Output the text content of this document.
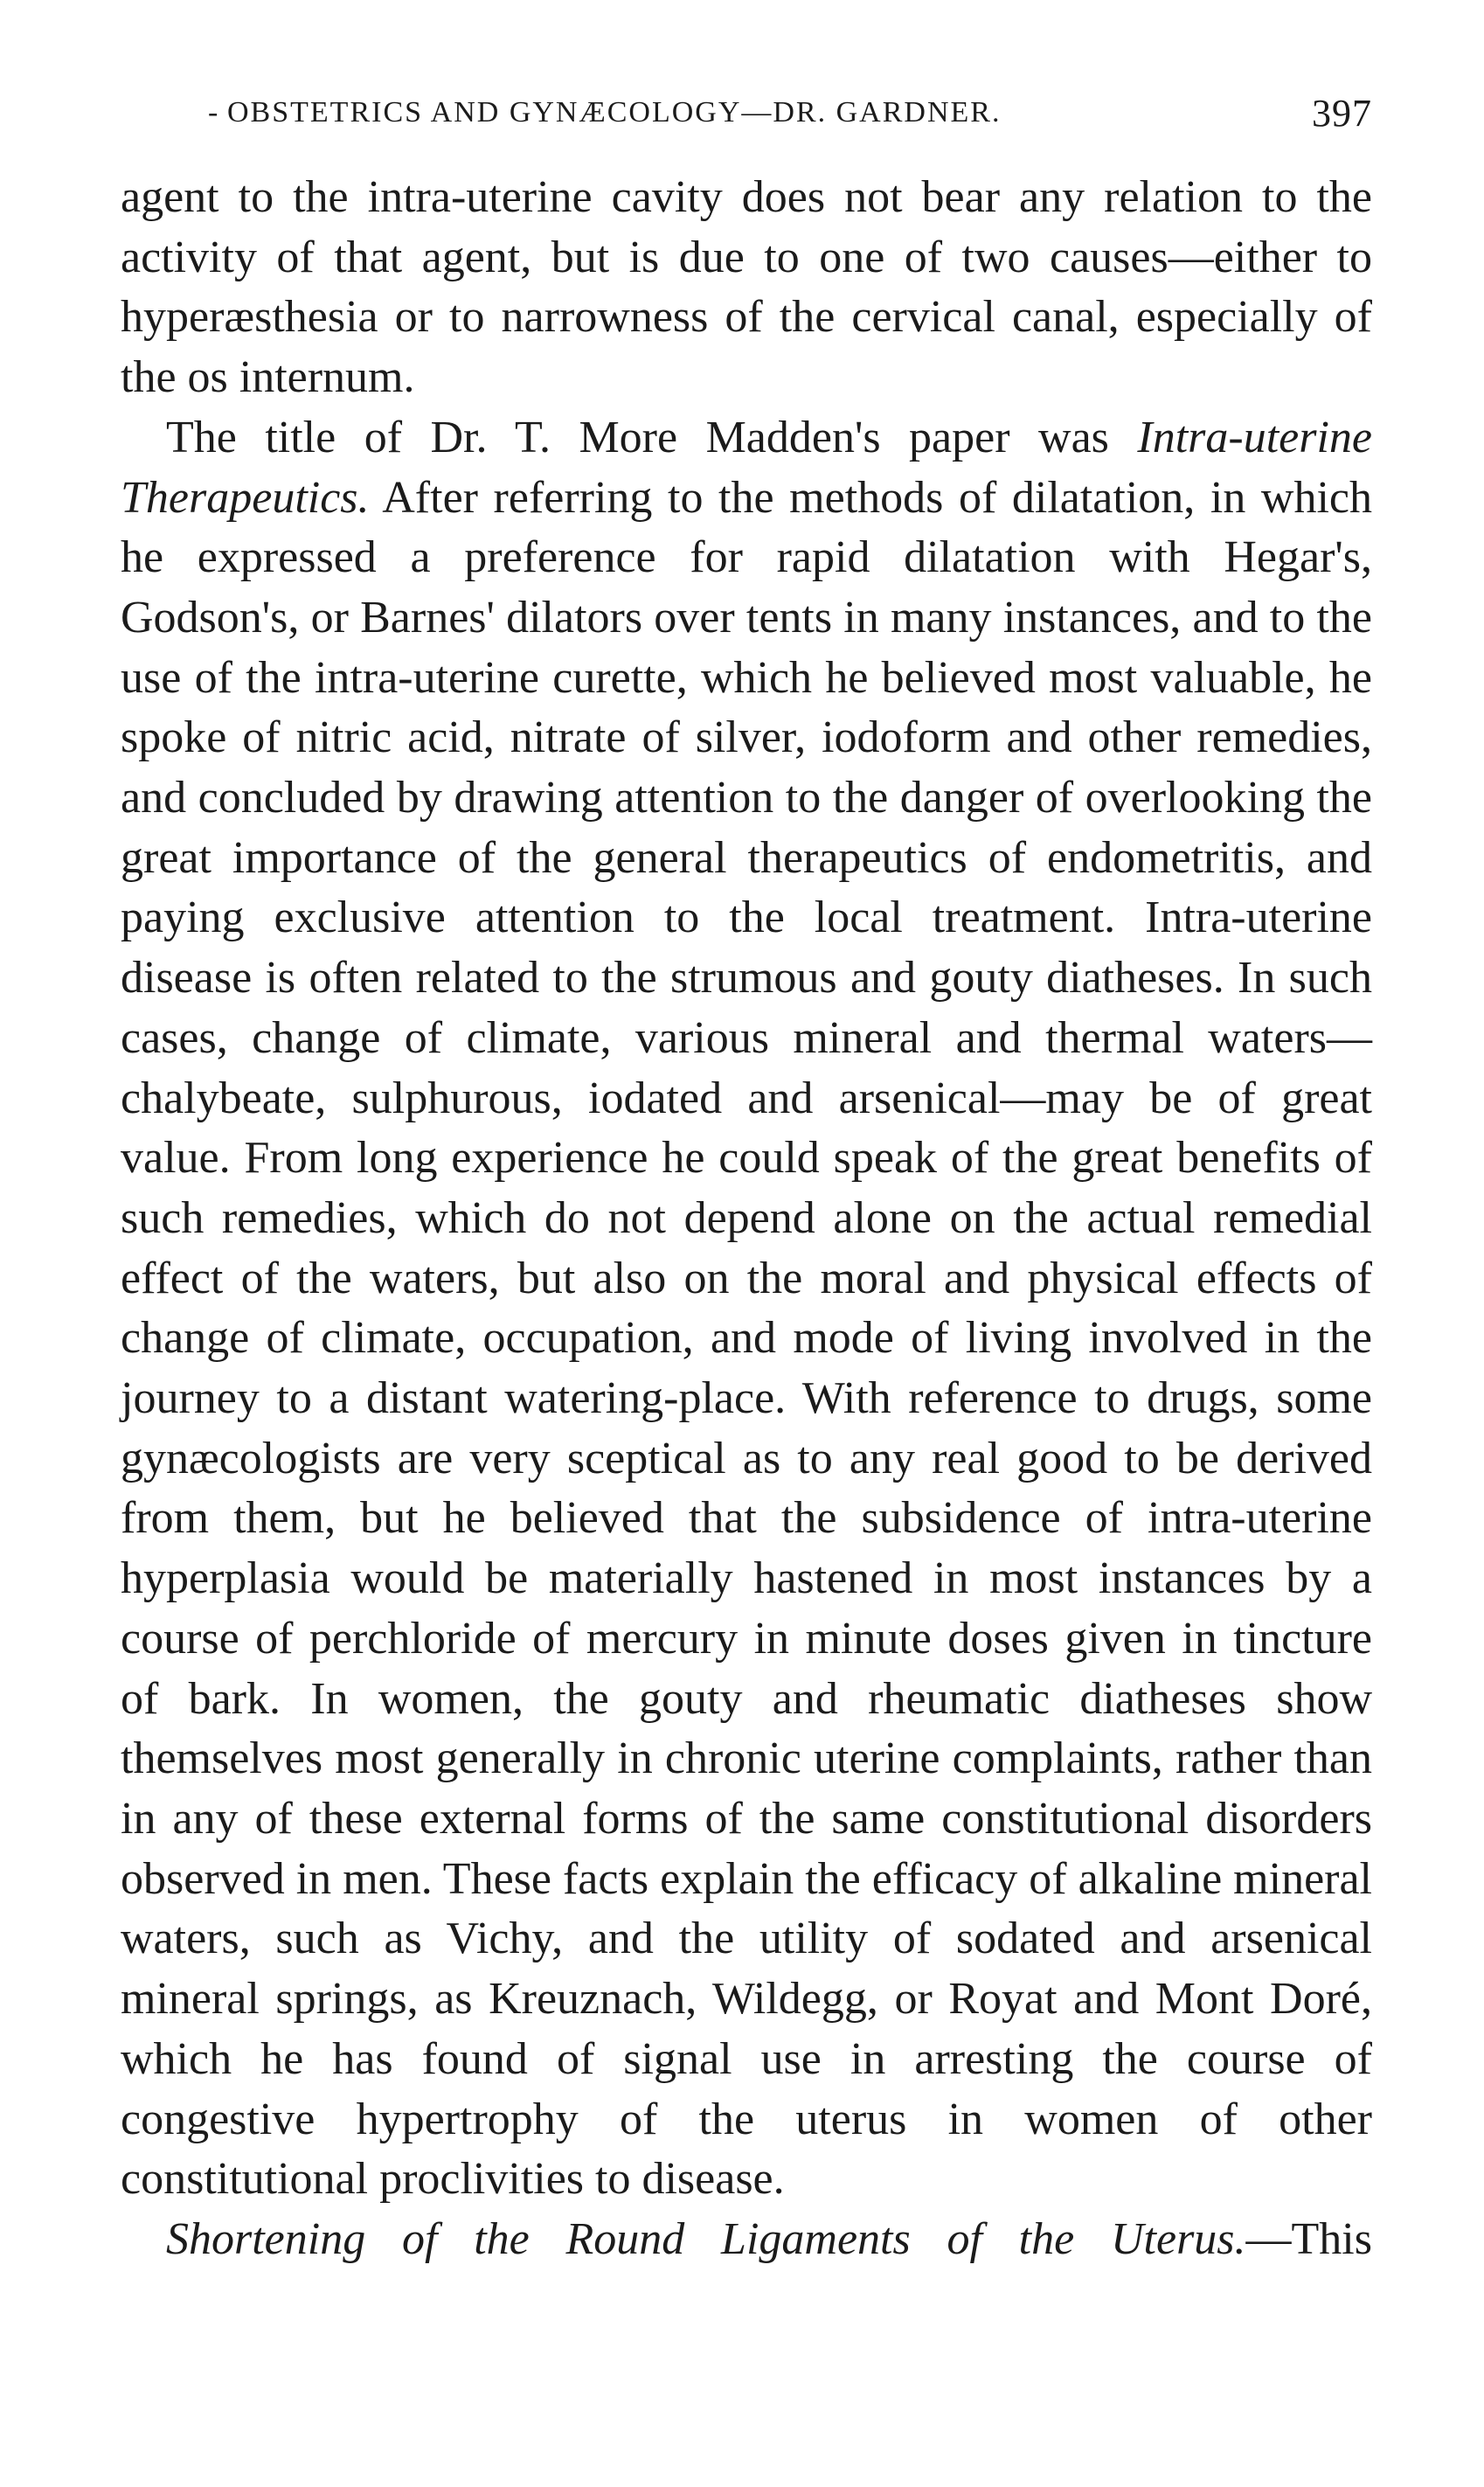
- OBSTETRICS AND GYNÆCOLOGY—DR. GARDNER.	397

agent to the intra-uterine cavity does not bear any relation to the activity of that agent, but is due to one of two causes—either to hyperæsthesia or to narrowness of the cervical canal, especially of the os internum.

The title of Dr. T. More Madden's paper was Intra-uterine Therapeutics. After referring to the methods of dilatation, in which he expressed a preference for rapid dilatation with Hegar's, Godson's, or Barnes' dilators over tents in many instances, and to the use of the intra-uterine curette, which he believed most valuable, he spoke of nitric acid, nitrate of silver, iodoform and other remedies, and concluded by drawing attention to the danger of overlooking the great importance of the general therapeutics of endometritis, and paying exclusive attention to the local treatment. Intra-uterine disease is often related to the strumous and gouty diatheses. In such cases, change of climate, various mineral and thermal waters—chalybeate, sulphurous, iodated and arsenical—may be of great value. From long experience he could speak of the great benefits of such remedies, which do not depend alone on the actual remedial effect of the waters, but also on the moral and physical effects of change of climate, occupation, and mode of living involved in the journey to a distant watering-place. With reference to drugs, some gynæcologists are very sceptical as to any real good to be derived from them, but he believed that the subsidence of intra-uterine hyperplasia would be materially hastened in most instances by a course of perchloride of mercury in minute doses given in tincture of bark. In women, the gouty and rheumatic diatheses show themselves most generally in chronic uterine complaints, rather than in any of these external forms of the same constitutional disorders observed in men. These facts explain the efficacy of alkaline mineral waters, such as Vichy, and the utility of sodated and arsenical mineral springs, as Kreuznach, Wildegg, or Royat and Mont Doré, which he has found of signal use in arresting the course of congestive hypertrophy of the uterus in women of other constitutional proclivities to disease.

Shortening of the Round Ligaments of the Uterus.—This
